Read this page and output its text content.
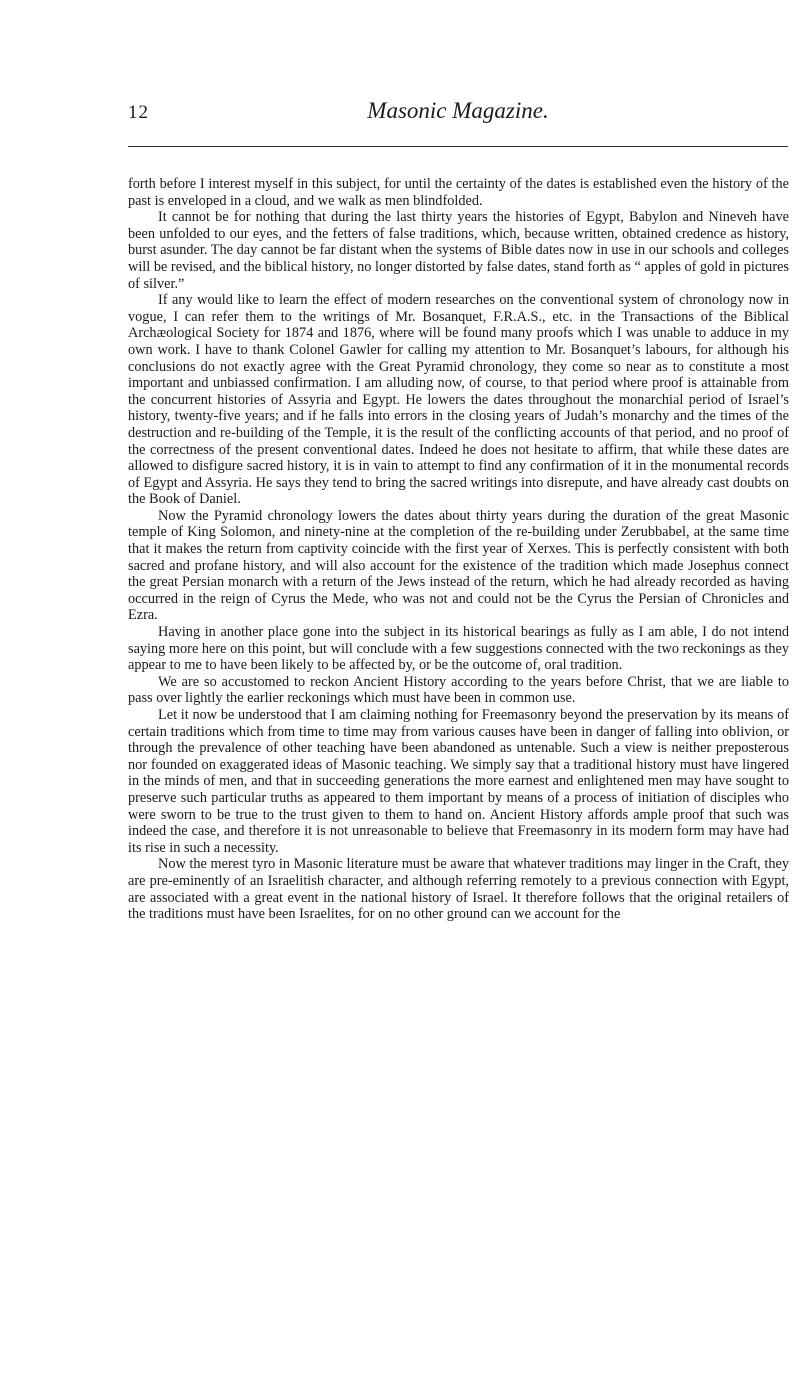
12	Masonic Magazine.

forth before I interest myself in this subject, for until the certainty of the dates is established even the history of the past is enveloped in a cloud, and we walk as men blindfolded.

It cannot be for nothing that during the last thirty years the histories of Egypt, Babylon and Nineveh have been unfolded to our eyes, and the fetters of false traditions, which, because written, obtained credence as history, burst asunder. The day cannot be far distant when the systems of Bible dates now in use in our schools and colleges will be revised, and the biblical history, no longer distorted by false dates, stand forth as “ apples of gold in pictures of silver.”

If any would like to learn the effect of modern researches on the conventional system of chronology now in vogue, I can refer them to the writings of Mr. Bosanquet, F.R.A.S., etc. in the Transactions of the Biblical Archæological Society for 1874 and 1876, where will be found many proofs which I was unable to adduce in my own work. I have to thank Colonel Gawler for calling my attention to Mr. Bosanquet’s labours, for although his conclusions do not exactly agree with the Great Pyramid chronology, they come so near as to constitute a most important and unbiassed confirmation. I am alluding now, of course, to that period where proof is attainable from the concurrent histories of Assyria and Egypt. He lowers the dates throughout the monarchial period of Israel’s history, twenty-five years; and if he falls into errors in the closing years of Judah’s monarchy and the times of the destruction and re-building of the Temple, it is the result of the conflicting accounts of that period, and no proof of the correctness of the present conventional dates. Indeed he does not hesitate to affirm, that while these dates are allowed to disfigure sacred history, it is in vain to attempt to find any confirmation of it in the monumental records of Egypt and Assyria. He says they tend to bring the sacred writings into disrepute, and have already cast doubts on the Book of Daniel.

Now the Pyramid chronology lowers the dates about thirty years during the duration of the great Masonic temple of King Solomon, and ninety-nine at the completion of the re-building under Zerubbabel, at the same time that it makes the return from captivity coincide with the first year of Xerxes. This is perfectly consistent with both sacred and profane history, and will also account for the existence of the tradition which made Josephus connect the great Persian monarch with a return of the Jews instead of the return, which he had already recorded as having occurred in the reign of Cyrus the Mede, who was not and could not be the Cyrus the Persian of Chronicles and Ezra.

Having in another place gone into the subject in its historical bearings as fully as I am able, I do not intend saying more here on this point, but will conclude with a few suggestions connected with the two reckonings as they appear to me to have been likely to be affected by, or be the outcome of, oral tradition.

We are so accustomed to reckon Ancient History according to the years before Christ, that we are liable to pass over lightly the earlier reckonings which must have been in common use.

Let it now be understood that I am claiming nothing for Freemasonry beyond the preservation by its means of certain traditions which from time to time may from various causes have been in danger of falling into oblivion, or through the prevalence of other teaching have been abandoned as untenable. Such a view is neither preposterous nor founded on exaggerated ideas of Masonic teaching. We simply say that a traditional history must have lingered in the minds of men, and that in succeeding generations the more earnest and enlightened men may have sought to preserve such particular truths as appeared to them important by means of a process of initiation of disciples who were sworn to be true to the trust given to them to hand on. Ancient History affords ample proof that such was indeed the case, and therefore it is not unreasonable to believe that Freemasonry in its modern form may have had its rise in such a necessity.

Now the merest tyro in Masonic literature must be aware that whatever traditions may linger in the Craft, they are pre-eminently of an Israelitish character, and although referring remotely to a previous connection with Egypt, are associated with a great event in the national history of Israel. It therefore follows that the original retailers of the traditions must have been Israelites, for on no other ground can we account for the
